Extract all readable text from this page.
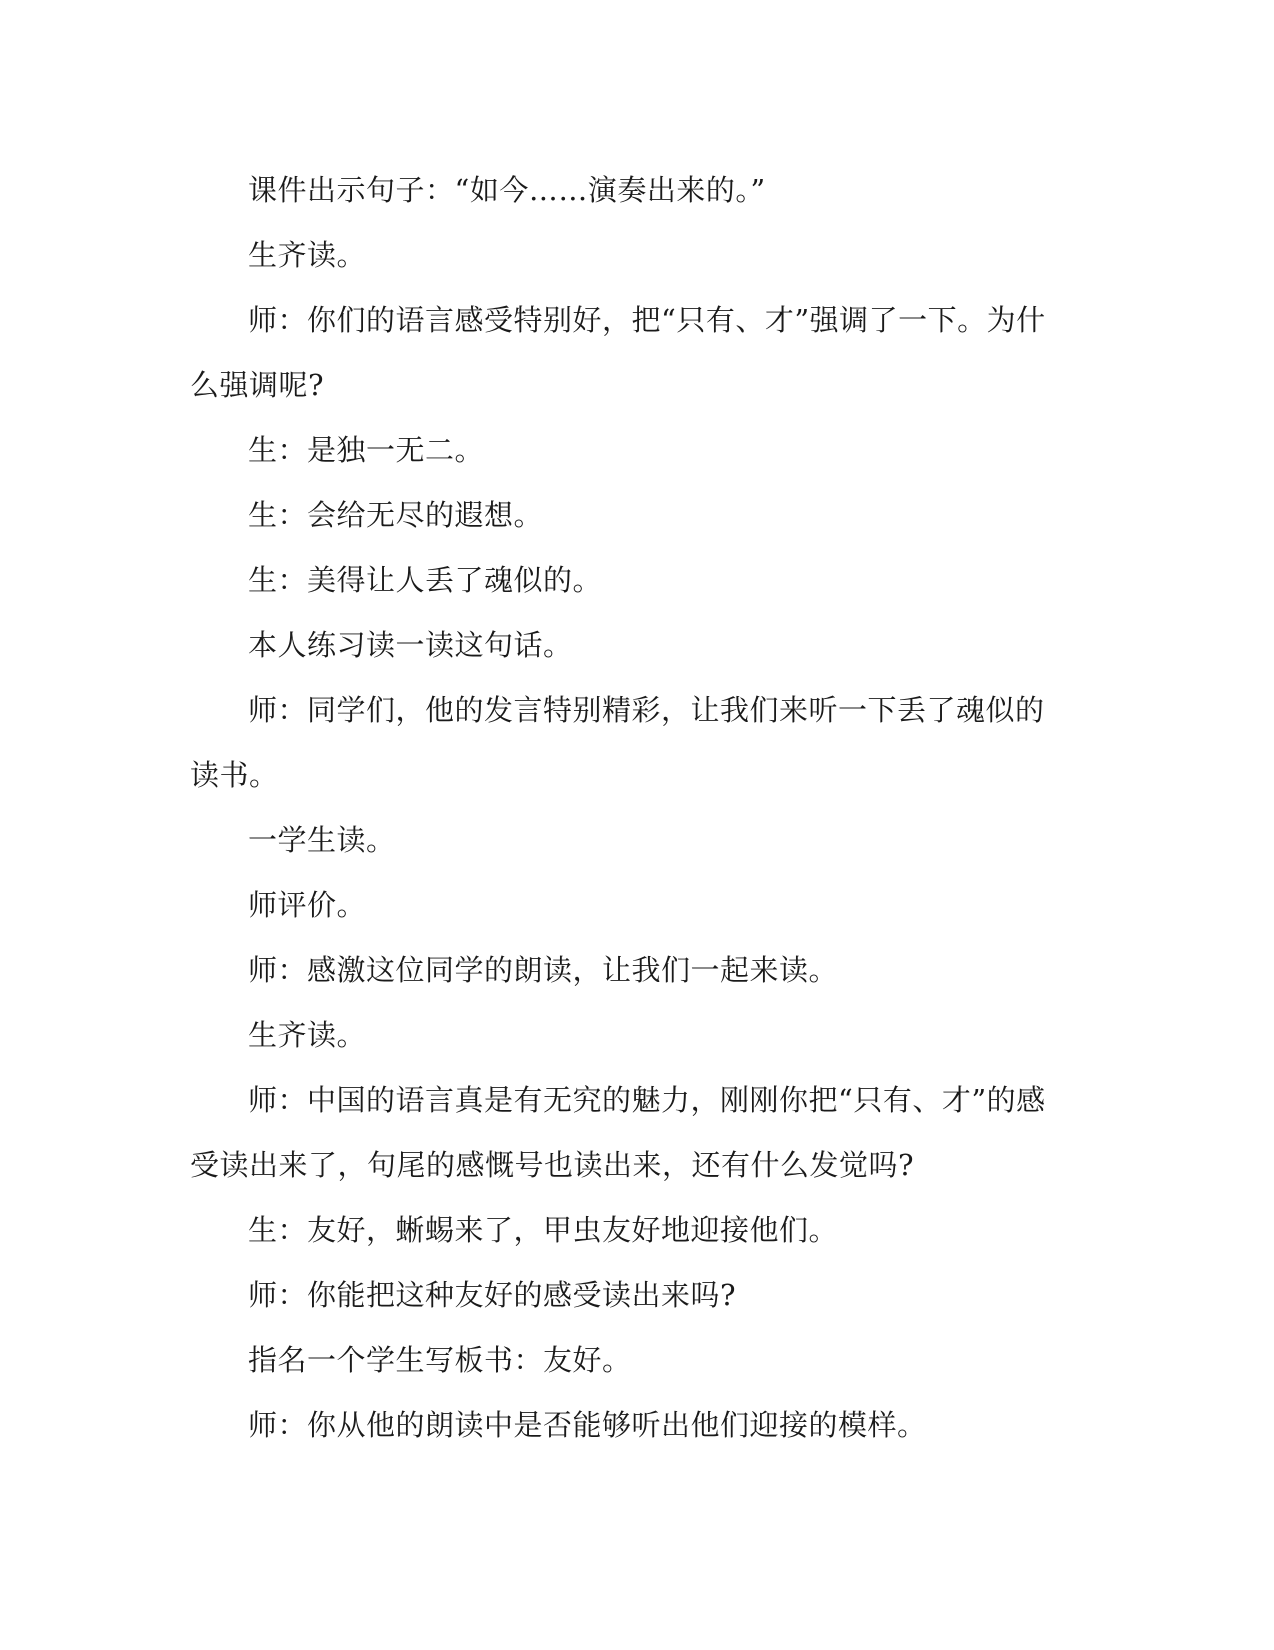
课件出示句子：“如今……演奏出来的。”

生齐读。

师：你们的语言感受特别好，把“只有、才”强调了一下。为什么强调呢?

生：是独一无二。

生：会给无尽的遐想。

生：美得让人丢了魂似的。

本人练习读一读这句话。

师：同学们，他的发言特别精彩，让我们来听一下丢了魂似的读书。

一学生读。

师评价。

师：感激这位同学的朗读，让我们一起来读。

生齐读。

师：中国的语言真是有无究的魅力，刚刚你把“只有、才”的感受读出来了，句尾的感慨号也读出来，还有什么发觉吗?

生：友好，蜥蜴来了，甲虫友好地迎接他们。

师：你能把这种友好的感受读出来吗?

指名一个学生写板书：友好。

师：你从他的朗读中是否能够听出他们迎接的模样。
